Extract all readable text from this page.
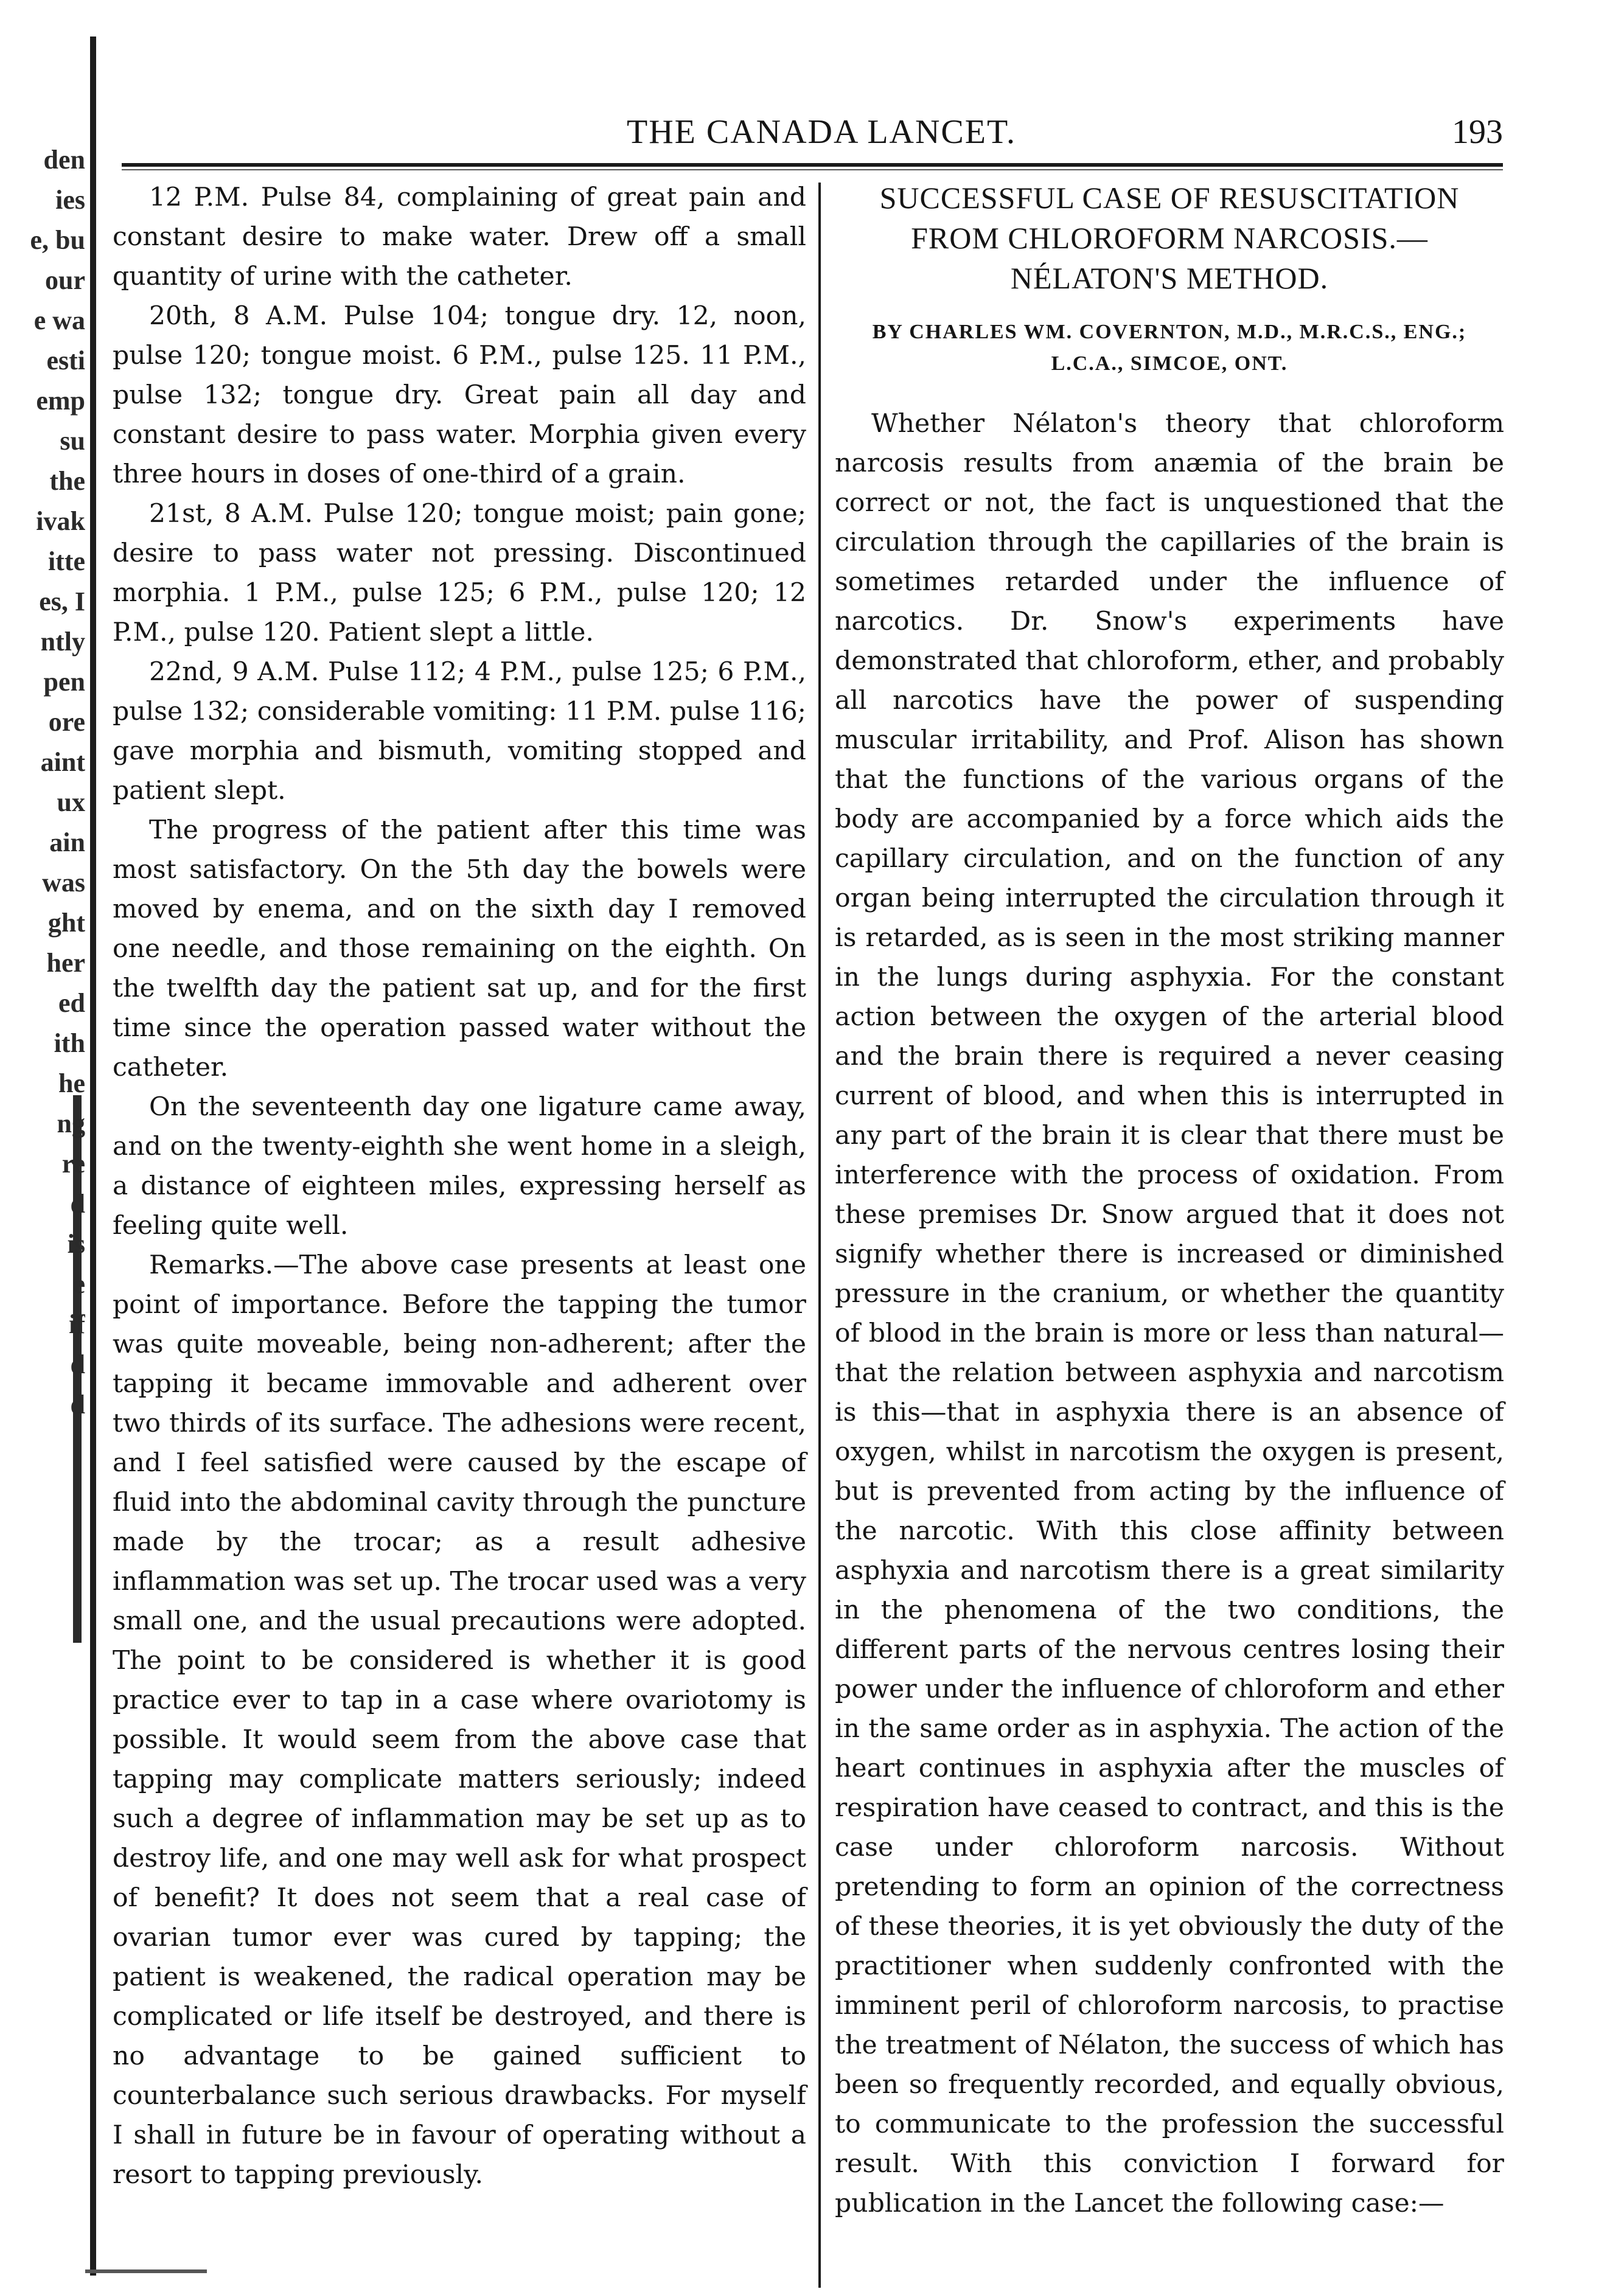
den
ies
e, bu
our
e wa
esti
emp
su
the
ivak
itte
es, I
ntly
pen
ore
aint
ux
ain
was
ght
her
ed
ith
he
ng
re
d
is
e
if
d
d
THE CANADA LANCET.	193

12 P.M. Pulse 84, complaining of great pain and constant desire to make water. Drew off a small quantity of urine with the catheter.

20th, 8 A.M. Pulse 104; tongue dry. 12, noon, pulse 120; tongue moist. 6 P.M., pulse 125. 11 P.M., pulse 132; tongue dry. Great pain all day and constant desire to pass water. Morphia given every three hours in doses of one-third of a grain.

21st, 8 A.M. Pulse 120; tongue moist; pain gone; desire to pass water not pressing. Discontinued morphia. 1 P.M., pulse 125; 6 P.M., pulse 120; 12 P.M., pulse 120. Patient slept a little.

22nd, 9 A.M. Pulse 112; 4 P.M., pulse 125; 6 P.M., pulse 132; considerable vomiting: 11 P.M. pulse 116; gave morphia and bismuth, vomiting stopped and patient slept.

The progress of the patient after this time was most satisfactory. On the 5th day the bowels were moved by enema, and on the sixth day I removed one needle, and those remaining on the eighth. On the twelfth day the patient sat up, and for the first time since the operation passed water without the catheter.

On the seventeenth day one ligature came away, and on the twenty-eighth she went home in a sleigh, a distance of eighteen miles, expressing herself as feeling quite well.

Remarks.—The above case presents at least one point of importance. Before the tapping the tumor was quite moveable, being non-adherent; after the tapping it became immovable and adherent over two thirds of its surface. The adhesions were recent, and I feel satisfied were caused by the escape of fluid into the abdominal cavity through the puncture made by the trocar; as a result adhesive inflammation was set up. The trocar used was a very small one, and the usual precautions were adopted. The point to be considered is whether it is good practice ever to tap in a case where ovariotomy is possible. It would seem from the above case that tapping may complicate matters seriously; indeed such a degree of inflammation may be set up as to destroy life, and one may well ask for what prospect of benefit? It does not seem that a real case of ovarian tumor ever was cured by tapping; the patient is weakened, the radical operation may be complicated or life itself be destroyed, and there is no advantage to be gained sufficient to counterbalance such serious drawbacks. For myself I shall in future be in favour of operating without a resort to tapping previously.

SUCCESSFUL CASE OF RESUSCITATION FROM CHLOROFORM NARCOSIS.— NÉLATON'S METHOD.
BY CHARLES WM. COVERNTON, M.D., M.R.C.S., ENG.;
L.C.A., SIMCOE, ONT.

Whether Nélaton's theory that chloroform narcosis results from anæmia of the brain be correct or not, the fact is unquestioned that the circulation through the capillaries of the brain is sometimes retarded under the influence of narcotics. Dr. Snow's experiments have demonstrated that chloroform, ether, and probably all narcotics have the power of suspending muscular irritability, and Prof. Alison has shown that the functions of the various organs of the body are accompanied by a force which aids the capillary circulation, and on the function of any organ being interrupted the circulation through it is retarded, as is seen in the most striking manner in the lungs during asphyxia. For the constant action between the oxygen of the arterial blood and the brain there is required a never ceasing current of blood, and when this is interrupted in any part of the brain it is clear that there must be interference with the process of oxidation. From these premises Dr. Snow argued that it does not signify whether there is increased or diminished pressure in the cranium, or whether the quantity of blood in the brain is more or less than natural—that the relation between asphyxia and narcotism is this—that in asphyxia there is an absence of oxygen, whilst in narcotism the oxygen is present, but is prevented from acting by the influence of the narcotic. With this close affinity between asphyxia and narcotism there is a great similarity in the phenomena of the two conditions, the different parts of the nervous centres losing their power under the influence of chloroform and ether in the same order as in asphyxia. The action of the heart continues in asphyxia after the muscles of respiration have ceased to contract, and this is the case under chloroform narcosis. Without pretending to form an opinion of the correctness of these theories, it is yet obviously the duty of the practitioner when suddenly confronted with the imminent peril of chloroform narcosis, to practise the treatment of Nélaton, the success of which has been so frequently recorded, and equally obvious, to communicate to the profession the successful result. With this conviction I forward for publication in the Lancet the following case:—
